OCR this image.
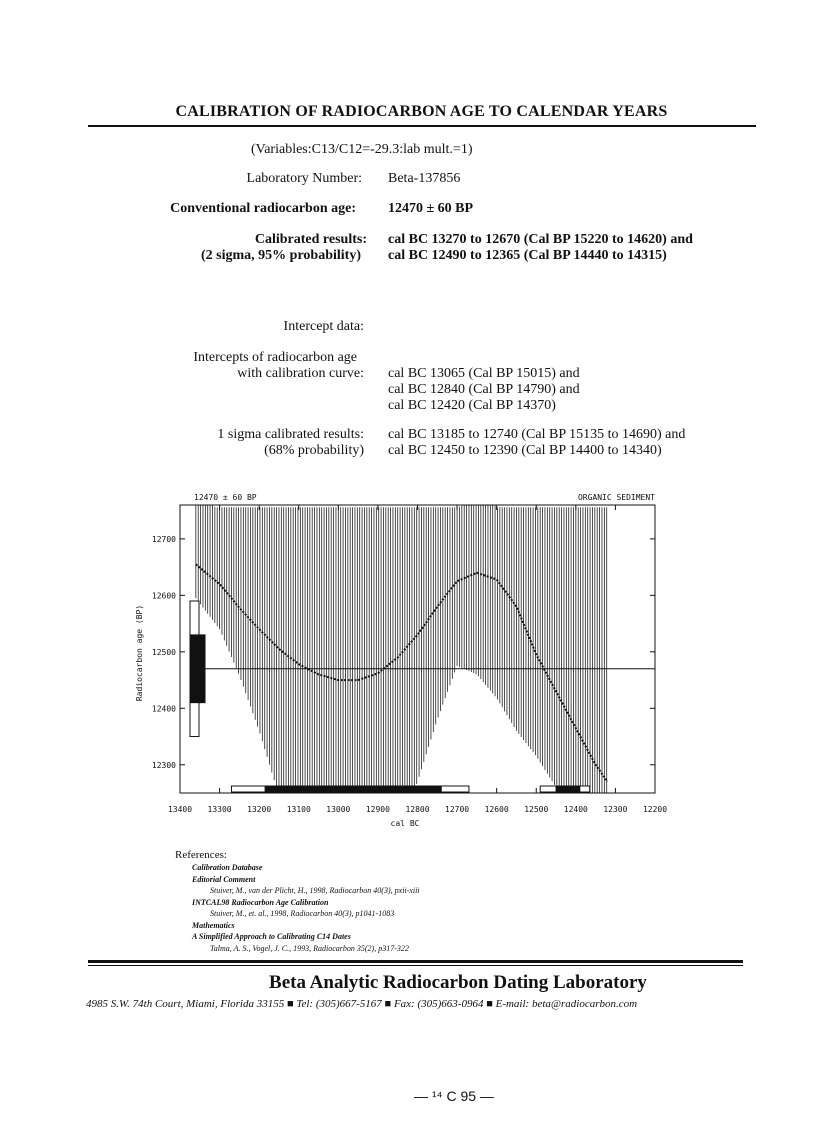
CALIBRATION OF RADIOCARBON AGE TO CALENDAR YEARS
(Variables:C13/C12=-29.3:lab mult.=1)
Laboratory Number: Beta-137856
Conventional radiocarbon age: 12470 ± 60 BP
Calibrated results:
(2 sigma, 95% probability)
cal BC 13270 to 12670 (Cal BP 15220 to 14620) and
cal BC 12490 to 12365 (Cal BP 14440 to 14315)
Intercept data:
Intercepts of radiocarbon age
with calibration curve: cal BC 13065 (Cal BP 15015) and
cal BC 12840 (Cal BP 14790) and
cal BC 12420 (Cal BP 14370)
1 sigma calibrated results:
(68% probability)
cal BC 13185 to 12740 (Cal BP 15135 to 14690) and
cal BC 12450 to 12390 (Cal BP 14400 to 14340)
12470 ± 60 BP	ORGANIC SEDIMENT
13400 13300 13200 13100 13000 12900 12800 12700 12600 12500 12400 12300 12200
12300
12400
12500
12600
12700
cal BC
Radiocarbon age (BP)
References:
Calibration Database
Editorial Comment
Stuiver, M., van der Plicht, H., 1998, Radiocarbon 40(3), pxii-xiii
INTCAL98 Radiocarbon Age Calibration
Stuiver, M., et. al., 1998, Radiocarbon 40(3), p1041-1083
Mathematics
A Simplified Approach to Calibrating C14 Dates
Talma, A. S., Vogel, J. C., 1993, Radiocarbon 35(2), p317-322
Beta Analytic Radiocarbon Dating Laboratory
4985 S.W. 74th Court, Miami, Florida 33155 ■ Tel: (305)667-5167 ■ Fax: (305)663-0964 ■ E-mail: beta@radiocarbon.com
— ¹⁴ C 95 —
